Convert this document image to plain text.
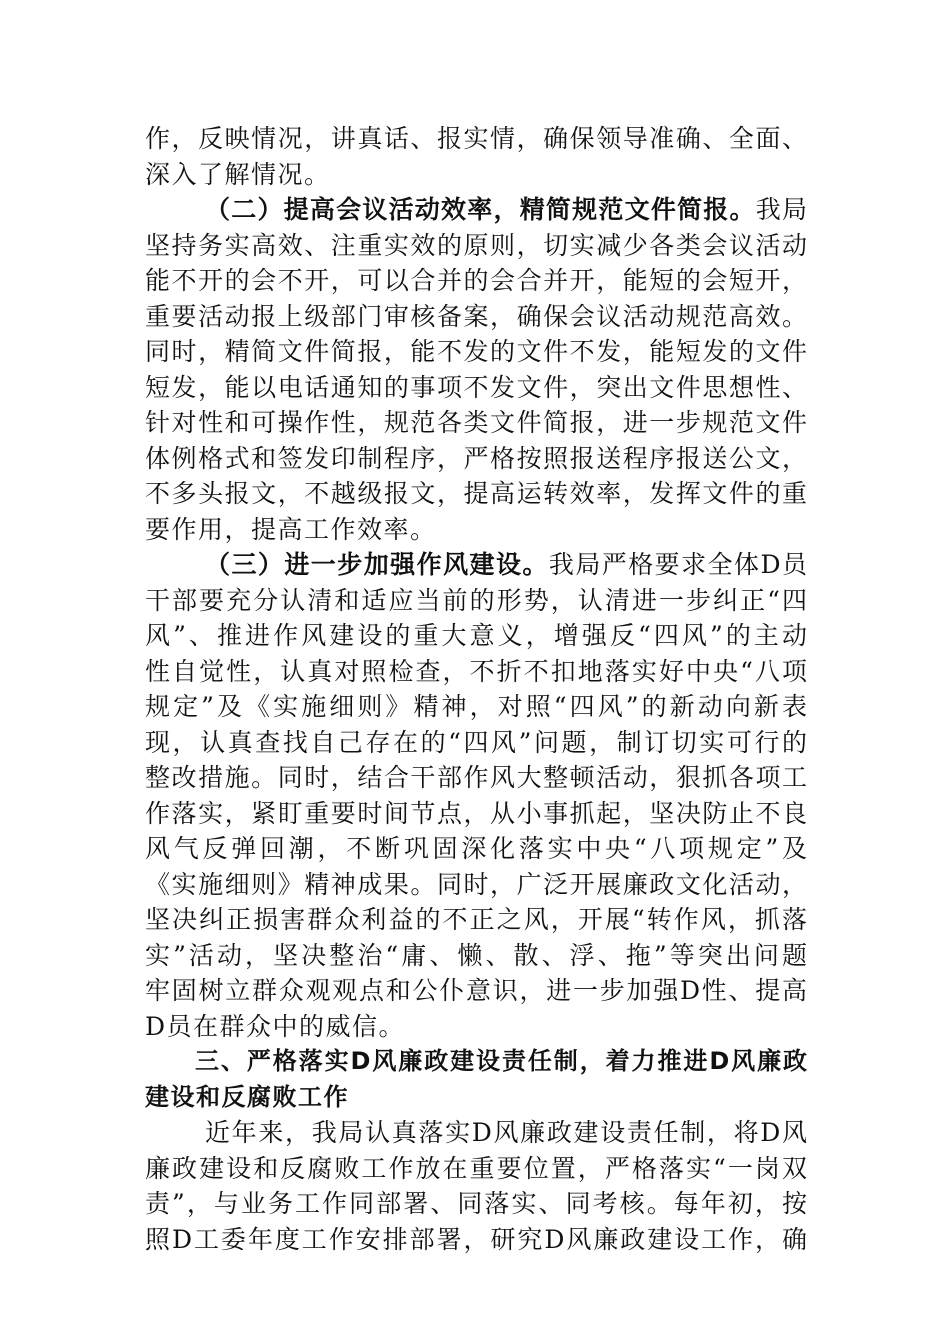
作，反映情况，讲真话、报实情，确保领导准确、全面、
深入了解情况。
（二）提高会议活动效率，精简规范文件简报。我局
坚持务实高效、注重实效的原则，切实减少各类会议活动
能不开的会不开，可以合并的会合并开，能短的会短开，
重要活动报上级部门审核备案，确保会议活动规范高效。
同时，精简文件简报，能不发的文件不发，能短发的文件
短发，能以电话通知的事项不发文件，突出文件思想性、
针对性和可操作性，规范各类文件简报，进一步规范文件
体例格式和签发印制程序，严格按照报送程序报送公文，
不多头报文，不越级报文，提高运转效率，发挥文件的重
要作用，提高工作效率。
（三）进一步加强作风建设。我局严格要求全体D员
干部要充分认清和适应当前的形势，认清进一步纠正“四
风”、推进作风建设的重大意义，增强反“四风”的主动
性自觉性，认真对照检查，不折不扣地落实好中央“八项
规定”及《实施细则》精神，对照“四风”的新动向新表
现，认真查找自己存在的“四风”问题，制订切实可行的
整改措施。同时，结合干部作风大整顿活动，狠抓各项工
作落实，紧盯重要时间节点，从小事抓起，坚决防止不良
风气反弹回潮，不断巩固深化落实中央“八项规定”及
《实施细则》精神成果。同时，广泛开展廉政文化活动，
坚决纠正损害群众利益的不正之风，开展“转作风，抓落
实”活动，坚决整治“庸、懒、散、浮、拖”等突出问题
牢固树立群众观观点和公仆意识，进一步加强D性、提高
D员在群众中的威信。
三、严格落实D风廉政建设责任制，着力推进D风廉政
建设和反腐败工作
近年来，我局认真落实D风廉政建设责任制，将D风
廉政建设和反腐败工作放在重要位置，严格落实“一岗双
责”，与业务工作同部署、同落实、同考核。每年初，按
照D工委年度工作安排部署，研究D风廉政建设工作，确
